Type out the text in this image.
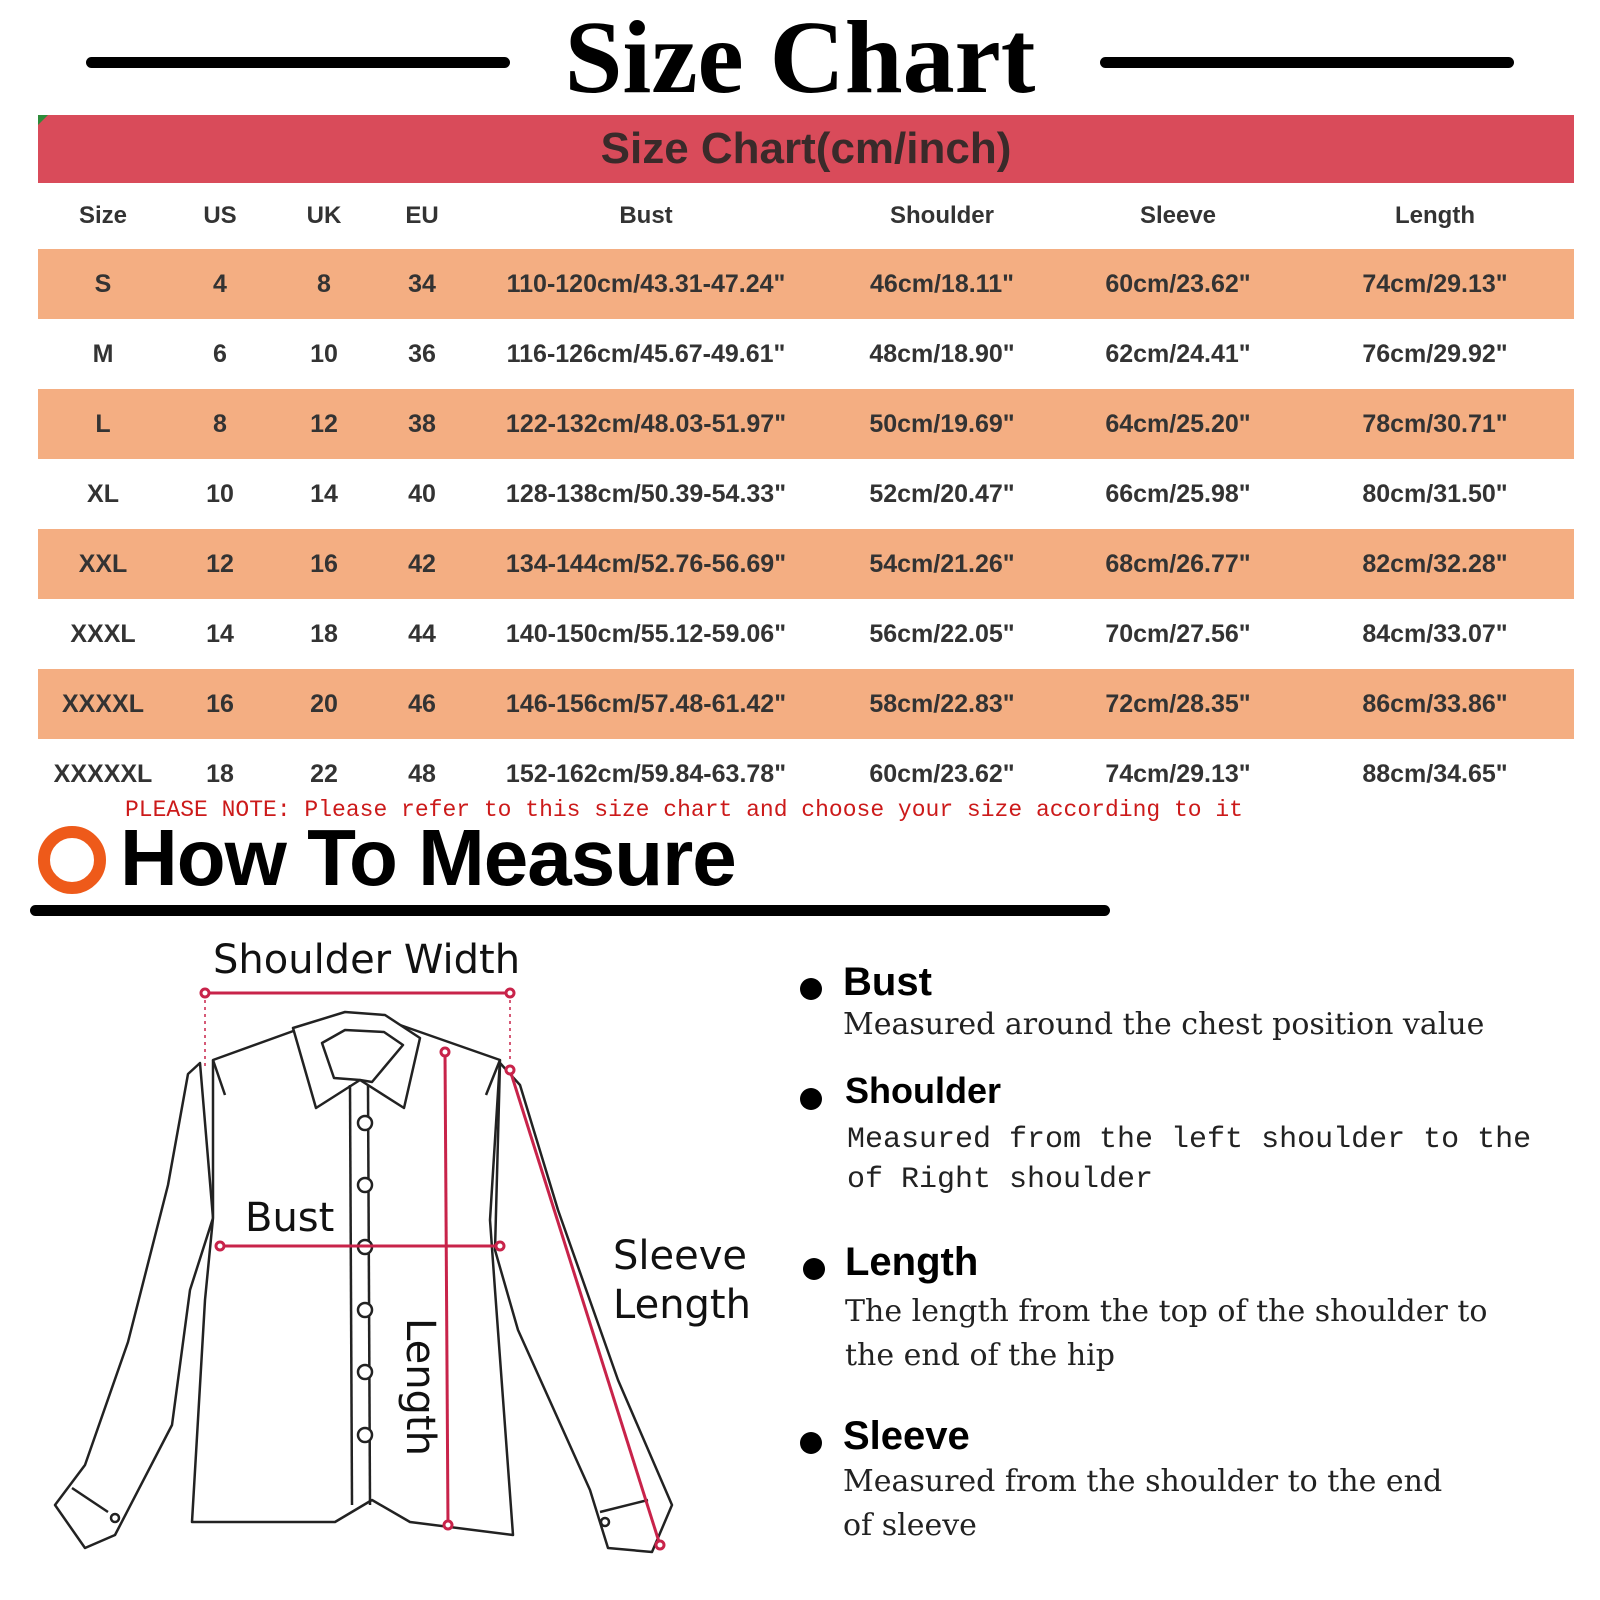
Size Chart
Size Chart(cm/inch)
Size	US	UK	EU	Bust	Shoulder	Sleeve	Length
S	4	8	34	110-120cm/43.31-47.24"	46cm/18.11"	60cm/23.62"	74cm/29.13"
M	6	10	36	116-126cm/45.67-49.61"	48cm/18.90"	62cm/24.41"	76cm/29.92"
L	8	12	38	122-132cm/48.03-51.97"	50cm/19.69"	64cm/25.20"	78cm/30.71"
XL	10	14	40	128-138cm/50.39-54.33"	52cm/20.47"	66cm/25.98"	80cm/31.50"
XXL	12	16	42	134-144cm/52.76-56.69"	54cm/21.26"	68cm/26.77"	82cm/32.28"
XXXL	14	18	44	140-150cm/55.12-59.06"	56cm/22.05"	70cm/27.56"	84cm/33.07"
XXXXL	16	20	46	146-156cm/57.48-61.42"	58cm/22.83"	72cm/28.35"	86cm/33.86"
XXXXXL	18	22	48	152-162cm/59.84-63.78"	60cm/23.62"	74cm/29.13"	88cm/34.65"
PLEASE NOTE: Please refer to this size chart and choose your size according to it
How To Measure
Shoulder Width
Bust
Length
Sleeve
Length
Bust
Measured around the chest position value
Shoulder
Measured from the left shoulder to the
of Right shoulder
Length
The length from the top of the shoulder to
the end of the hip
Sleeve
Measured from the shoulder to the end
of sleeve
